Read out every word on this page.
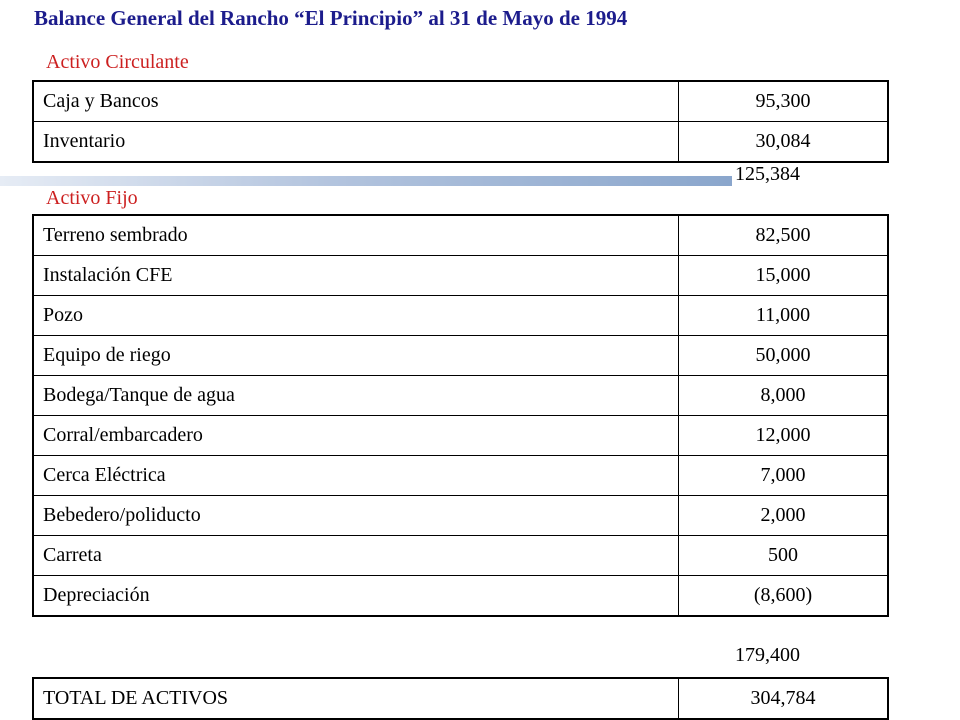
Balance General del Rancho “El Principio” al 31 de Mayo de 1994
Activo Circulante
Caja y Bancos	95,300
Inventario	30,084
125,384
Activo Fijo
Terreno sembrado	82,500
Instalación CFE	15,000
Pozo	11,000
Equipo de riego	50,000
Bodega/Tanque de agua	8,000
Corral/embarcadero	12,000
Cerca Eléctrica	7,000
Bebedero/poliducto	2,000
Carreta	500
Depreciación	(8,600)
179,400
TOTAL DE ACTIVOS	304,784
